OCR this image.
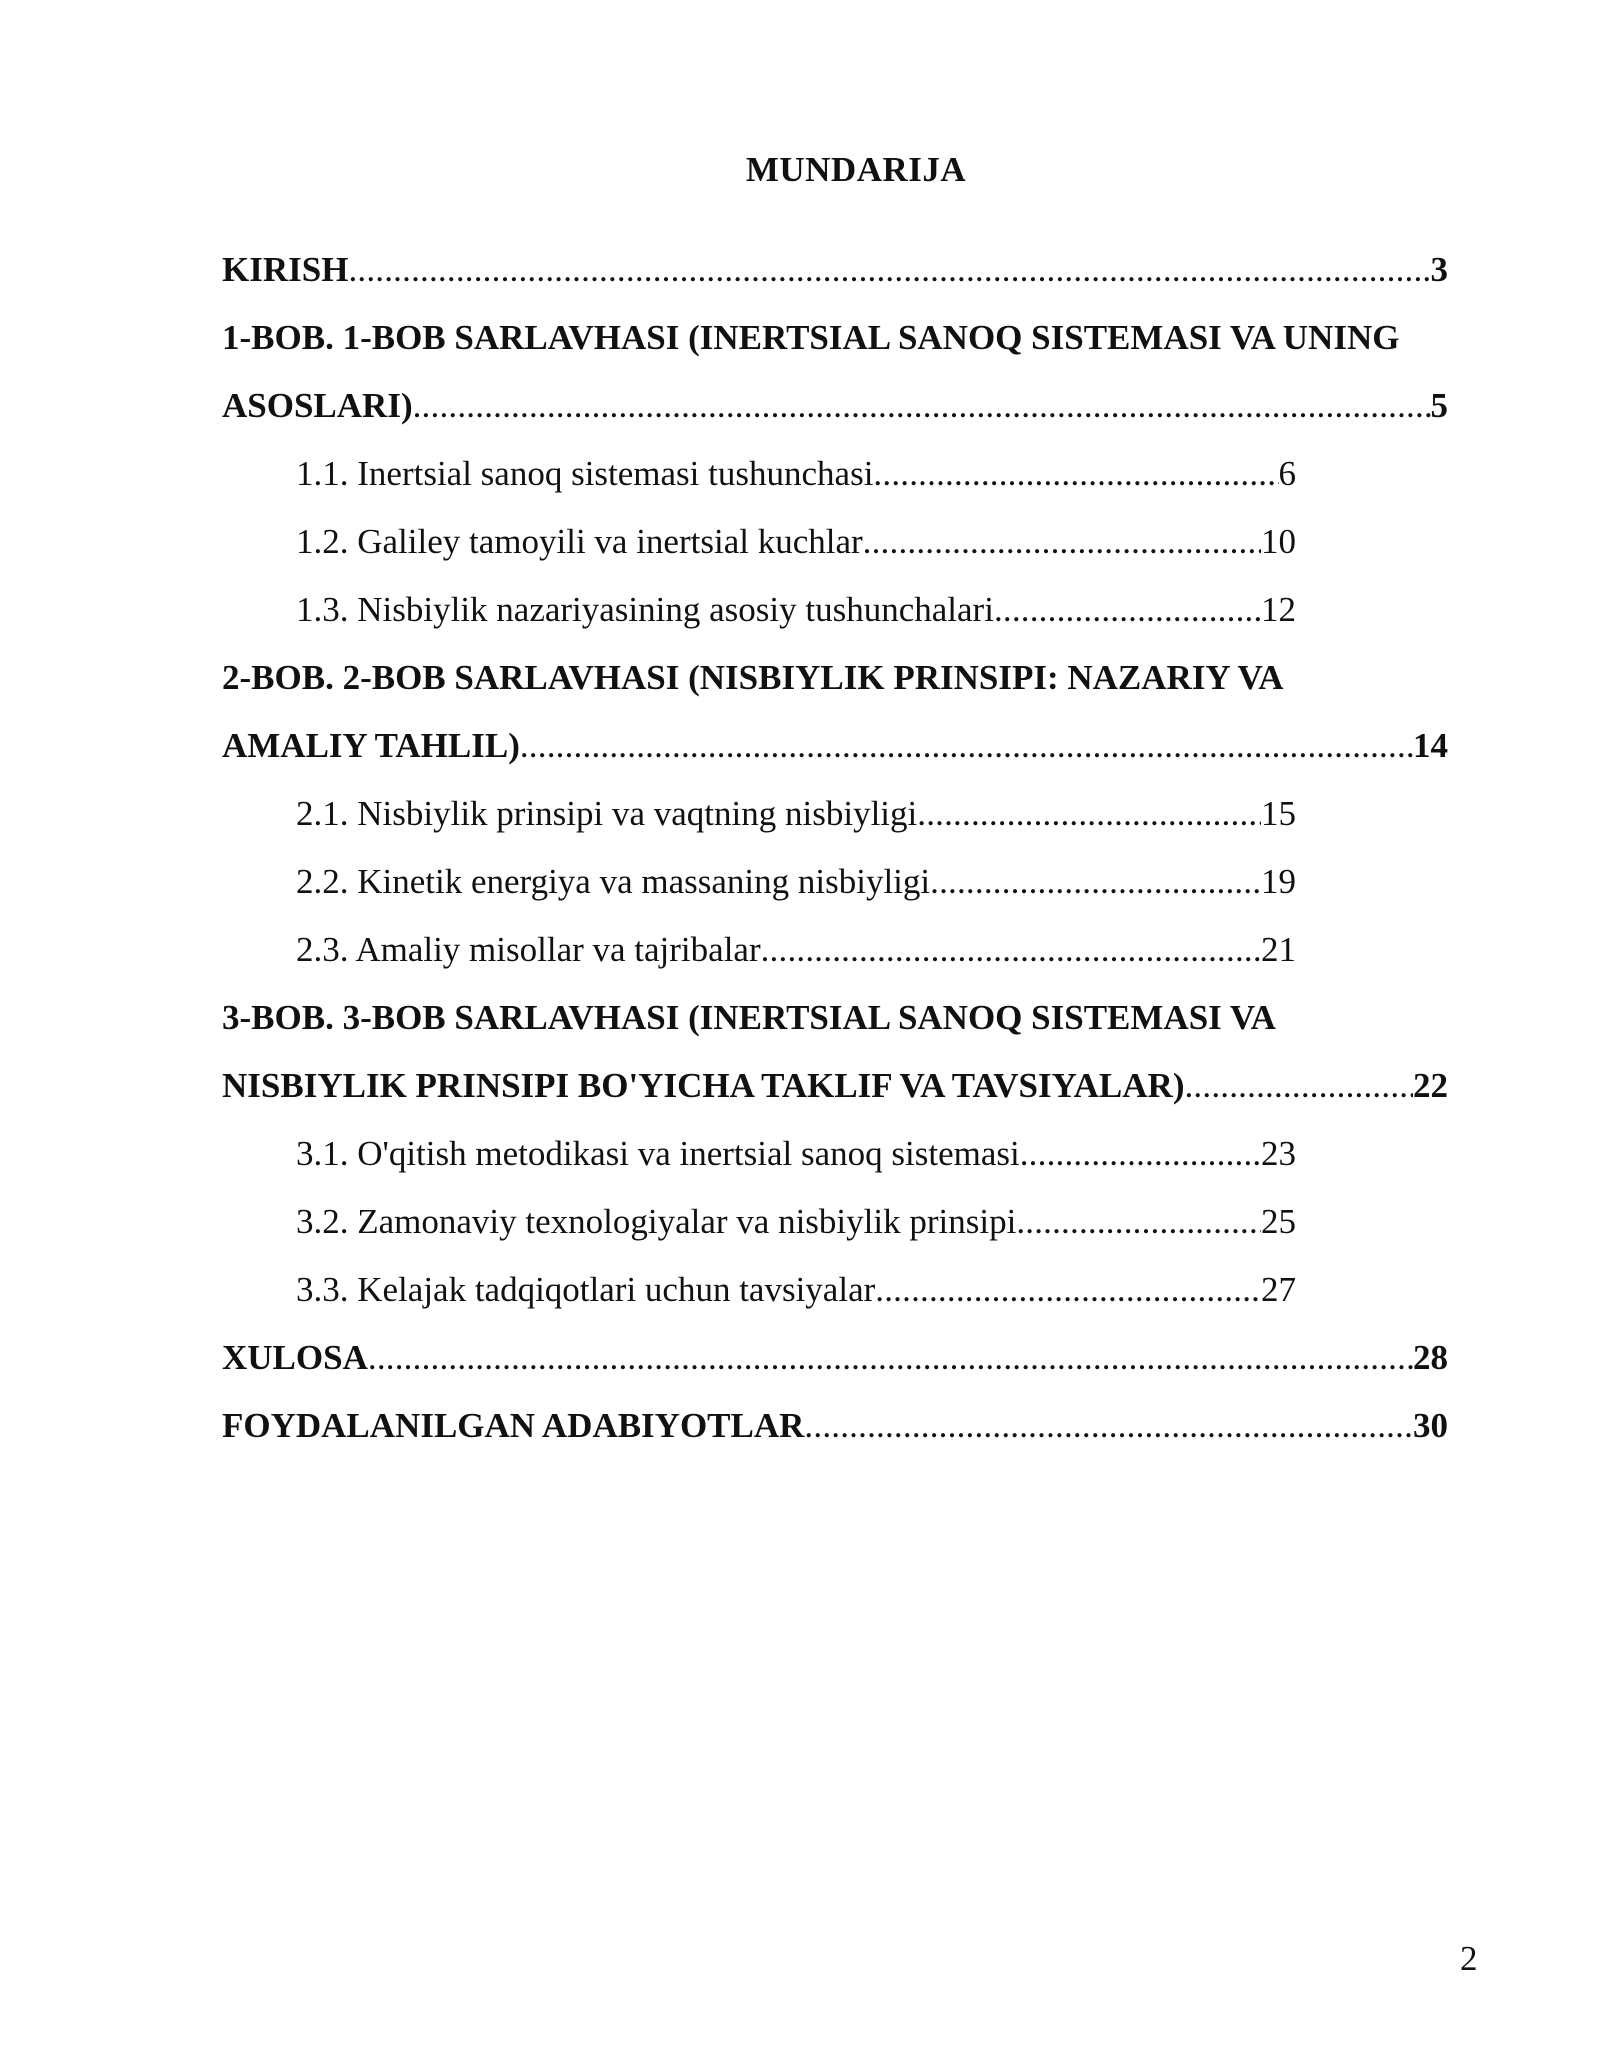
MUNDARIJA
KIRISH .....	3
1-BOB. 1-BOB SARLAVHASI (INERTSIAL SANOQ SISTEMASI VA UNING
ASOSLARI) .....	5
1.1. Inertsial sanoq sistemasi tushunchasi .....	6
1.2. Galiley tamoyili va inertsial kuchlar .....	10
1.3. Nisbiylik nazariyasining asosiy tushunchalari .....	12
2-BOB. 2-BOB SARLAVHASI (NISBIYLIK PRINSIPI: NAZARIY VA
AMALIY TAHLIL) .....	14
2.1. Nisbiylik prinsipi va vaqtning nisbiyligi .....	15
2.2. Kinetik energiya va massaning nisbiyligi .....	19
2.3. Amaliy misollar va tajribalar .....	21
3-BOB. 3-BOB SARLAVHASI (INERTSIAL SANOQ SISTEMASI VA
NISBIYLIK PRINSIPI BO'YICHA TAKLIF VA TAVSIYALAR) .....	22
3.1. O'qitish metodikasi va inertsial sanoq sistemasi .....	23
3.2. Zamonaviy texnologiyalar va nisbiylik prinsipi .....	25
3.3. Kelajak tadqiqotlari uchun tavsiyalar .....	27
XULOSA .....	28
FOYDALANILGAN ADABIYOTLAR .....	30
2
